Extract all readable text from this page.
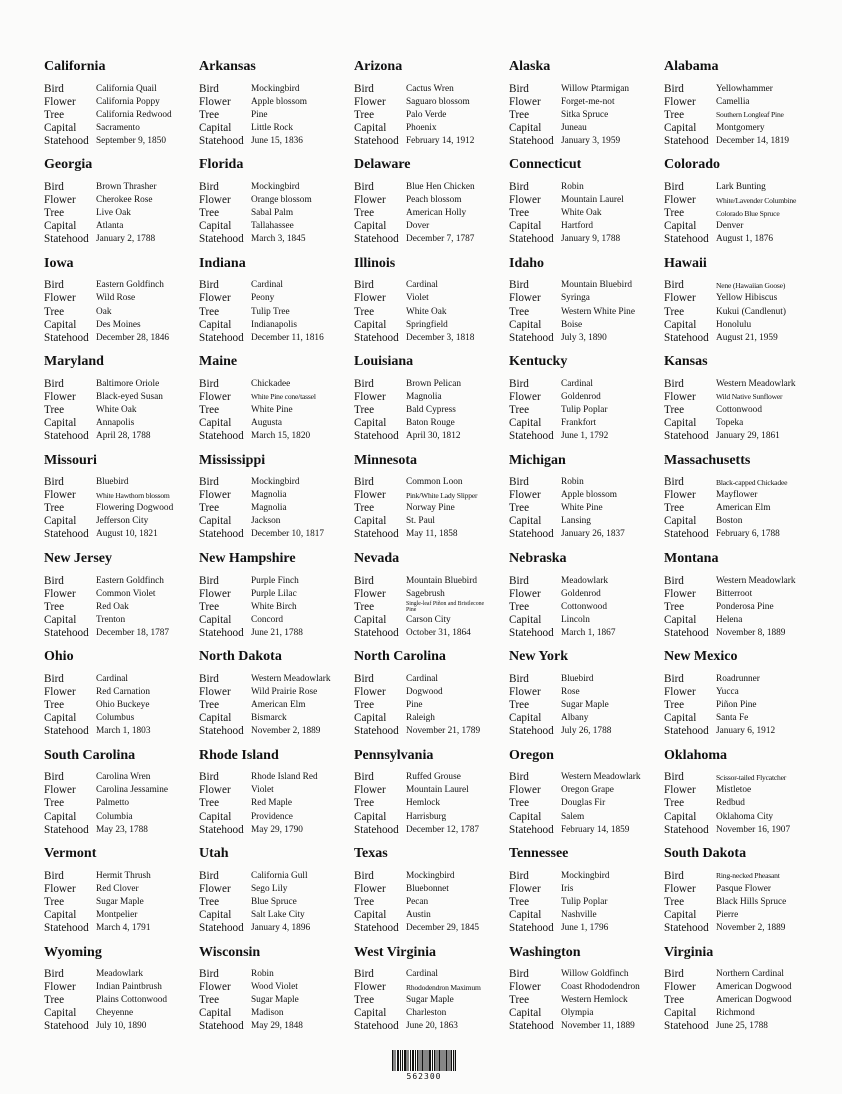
California
Bird	California Quail
Flower	California Poppy
Tree	California Redwood
Capital	Sacramento
Statehood September 9, 1850
Arkansas
Bird	Mockingbird
Flower	Apple blossom
Tree	Pine
Capital	Little Rock
Statehood June 15, 1836
Arizona
Bird	Cactus Wren
Flower	Saguaro blossom
Tree	Palo Verde
Capital	Phoenix
Statehood February 14, 1912
Alaska
Bird	Willow Ptarmigan
Flower	Forget-me-not
Tree	Sitka Spruce
Capital	Juneau
Statehood January 3, 1959
Alabama
Bird	Yellowhammer
Flower	Camellia
Tree	Southern Longleaf Pine
Capital	Montgomery
Statehood December 14, 1819
Georgia
Bird	Brown Thrasher
Flower	Cherokee Rose
Tree	Live Oak
Capital	Atlanta
Statehood January 2, 1788
Florida
Bird	Mockingbird
Flower	Orange blossom
Tree	Sabal Palm
Capital	Tallahassee
Statehood March 3, 1845
Delaware
Bird	Blue Hen Chicken
Flower	Peach blossom
Tree	American Holly
Capital	Dover
Statehood December 7, 1787
Connecticut
Bird	Robin
Flower	Mountain Laurel
Tree	White Oak
Capital	Hartford
Statehood January 9, 1788
Colorado
Bird	Lark Bunting
Flower	White/Lavender Columbine
Tree	Colorado Blue Spruce
Capital	Denver
Statehood August 1, 1876
Iowa
Bird	Eastern Goldfinch
Flower	Wild Rose
Tree	Oak
Capital	Des Moines
Statehood December 28, 1846
Indiana
Bird	Cardinal
Flower	Peony
Tree	Tulip Tree
Capital	Indianapolis
Statehood December 11, 1816
Illinois
Bird	Cardinal
Flower	Violet
Tree	White Oak
Capital	Springfield
Statehood December 3, 1818
Idaho
Bird	Mountain Bluebird
Flower	Syringa
Tree	Western White Pine
Capital	Boise
Statehood July 3, 1890
Hawaii
Bird	Nene (Hawaiian Goose)
Flower	Yellow Hibiscus
Tree	Kukui (Candlenut)
Capital	Honolulu
Statehood August 21, 1959
Maryland
Bird	Baltimore Oriole
Flower	Black-eyed Susan
Tree	White Oak
Capital	Annapolis
Statehood April 28, 1788
Maine
Bird	Chickadee
Flower	White Pine cone/tassel
Tree	White Pine
Capital	Augusta
Statehood March 15, 1820
Louisiana
Bird	Brown Pelican
Flower	Magnolia
Tree	Bald Cypress
Capital	Baton Rouge
Statehood April 30, 1812
Kentucky
Bird	Cardinal
Flower	Goldenrod
Tree	Tulip Poplar
Capital	Frankfort
Statehood June 1, 1792
Kansas
Bird	Western Meadowlark
Flower	Wild Native Sunflower
Tree	Cottonwood
Capital	Topeka
Statehood January 29, 1861
Missouri
Bird	Bluebird
Flower	White Hawthorn blossom
Tree	Flowering Dogwood
Capital	Jefferson City
Statehood August 10, 1821
Mississippi
Bird	Mockingbird
Flower	Magnolia
Tree	Magnolia
Capital	Jackson
Statehood December 10, 1817
Minnesota
Bird	Common Loon
Flower	Pink/White Lady Slipper
Tree	Norway Pine
Capital	St. Paul
Statehood May 11, 1858
Michigan
Bird	Robin
Flower	Apple blossom
Tree	White Pine
Capital	Lansing
Statehood January 26, 1837
Massachusetts
Bird	Black-capped Chickadee
Flower	Mayflower
Tree	American Elm
Capital	Boston
Statehood February 6, 1788
New Jersey
Bird	Eastern Goldfinch
Flower	Common Violet
Tree	Red Oak
Capital	Trenton
Statehood December 18, 1787
New Hampshire
Bird	Purple Finch
Flower	Purple Lilac
Tree	White Birch
Capital	Concord
Statehood June 21, 1788
Nevada
Bird	Mountain Bluebird
Flower	Sagebrush
Tree	Single-leaf Piñon and Bristlecone Pine
Capital	Carson City
Statehood October 31, 1864
Nebraska
Bird	Meadowlark
Flower	Goldenrod
Tree	Cottonwood
Capital	Lincoln
Statehood March 1, 1867
Montana
Bird	Western Meadowlark
Flower	Bitterroot
Tree	Ponderosa Pine
Capital	Helena
Statehood November 8, 1889
Ohio
Bird	Cardinal
Flower	Red Carnation
Tree	Ohio Buckeye
Capital	Columbus
Statehood March 1, 1803
North Dakota
Bird	Western Meadowlark
Flower	Wild Prairie Rose
Tree	American Elm
Capital	Bismarck
Statehood November 2, 1889
North Carolina
Bird	Cardinal
Flower	Dogwood
Tree	Pine
Capital	Raleigh
Statehood November 21, 1789
New York
Bird	Bluebird
Flower	Rose
Tree	Sugar Maple
Capital	Albany
Statehood July 26, 1788
New Mexico
Bird	Roadrunner
Flower	Yucca
Tree	Piñon Pine
Capital	Santa Fe
Statehood January 6, 1912
South Carolina
Bird	Carolina Wren
Flower	Carolina Jessamine
Tree	Palmetto
Capital	Columbia
Statehood May 23, 1788
Rhode Island
Bird	Rhode Island Red
Flower	Violet
Tree	Red Maple
Capital	Providence
Statehood May 29, 1790
Pennsylvania
Bird	Ruffed Grouse
Flower	Mountain Laurel
Tree	Hemlock
Capital	Harrisburg
Statehood December 12, 1787
Oregon
Bird	Western Meadowlark
Flower	Oregon Grape
Tree	Douglas Fir
Capital	Salem
Statehood February 14, 1859
Oklahoma
Bird	Scissor-tailed Flycatcher
Flower	Mistletoe
Tree	Redbud
Capital	Oklahoma City
Statehood November 16, 1907
Vermont
Bird	Hermit Thrush
Flower	Red Clover
Tree	Sugar Maple
Capital	Montpelier
Statehood March 4, 1791
Utah
Bird	California Gull
Flower	Sego Lily
Tree	Blue Spruce
Capital	Salt Lake City
Statehood January 4, 1896
Texas
Bird	Mockingbird
Flower	Bluebonnet
Tree	Pecan
Capital	Austin
Statehood December 29, 1845
Tennessee
Bird	Mockingbird
Flower	Iris
Tree	Tulip Poplar
Capital	Nashville
Statehood June 1, 1796
South Dakota
Bird	Ring-necked Pheasant
Flower	Pasque Flower
Tree	Black Hills Spruce
Capital	Pierre
Statehood November 2, 1889
Wyoming
Bird	Meadowlark
Flower	Indian Paintbrush
Tree	Plains Cottonwood
Capital	Cheyenne
Statehood July 10, 1890
Wisconsin
Bird	Robin
Flower	Wood Violet
Tree	Sugar Maple
Capital	Madison
Statehood May 29, 1848
West Virginia
Bird	Cardinal
Flower	Rhododendron Maximum
Tree	Sugar Maple
Capital	Charleston
Statehood June 20, 1863
Washington
Bird	Willow Goldfinch
Flower	Coast Rhododendron
Tree	Western Hemlock
Capital	Olympia
Statehood November 11, 1889
Virginia
Bird	Northern Cardinal
Flower	American Dogwood
Tree	American Dogwood
Capital	Richmond
Statehood June 25, 1788
562300
